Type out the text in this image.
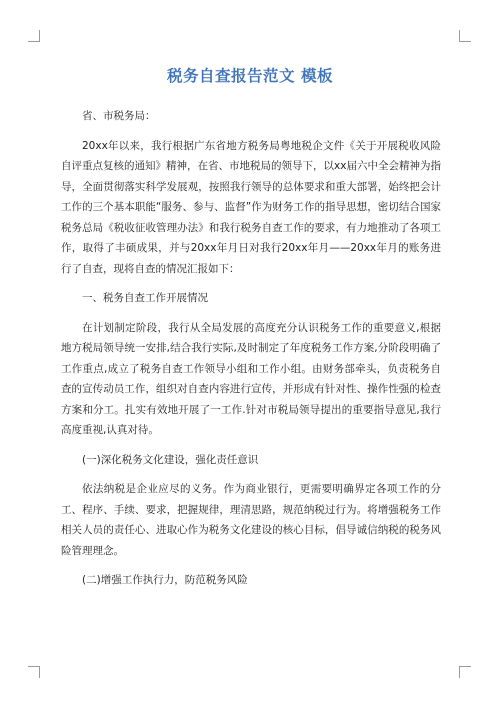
税务自查报告范文 模板

省、市税务局：

20xx年以来，我行根据广东省地方税务局粤地税企文件《关于开展税收风险自评重点复核的通知》精神，在省、市地税局的领导下，以xx届六中全会精神为指导，全面贯彻落实科学发展观，按照我行领导的总体要求和重大部署，始终把会计工作的三个基本职能“服务、参与、监督”作为财务工作的指导思想，密切结合国家税务总局《税收征收管理办法》和我行税务自查工作的要求，有力地推动了各项工作，取得了丰硕成果，并与20xx年月日对我行20xx年月——20xx年月的账务进行了自查，现将自查的情况汇报如下：

一、税务自查工作开展情况

在计划制定阶段，我行从全局发展的高度充分认识税务工作的重要意义,根据地方税局领导统一安排,结合我行实际,及时制定了年度税务工作方案,分阶段明确了工作重点,成立了税务自查工作领导小组和工作小组。由财务部牵头，负责税务自查的宣传动员工作，组织对自查内容进行宣传，并形成有针对性、操作性强的检查方案和分工。扎实有效地开展了一工作.针对市税局领导提出的重要指导意见,我行高度重视,认真对待。

(一)深化税务文化建设，强化责任意识

依法纳税是企业应尽的义务。作为商业银行，更需要明确界定各项工作的分工、程序、手续、要求，把握规律，理清思路，规范纳税过行为。将增强税务工作相关人员的责任心、进取心作为税务文化建设的核心目标，倡导诚信纳税的税务风险管理理念。

(二)增强工作执行力，防范税务风险
